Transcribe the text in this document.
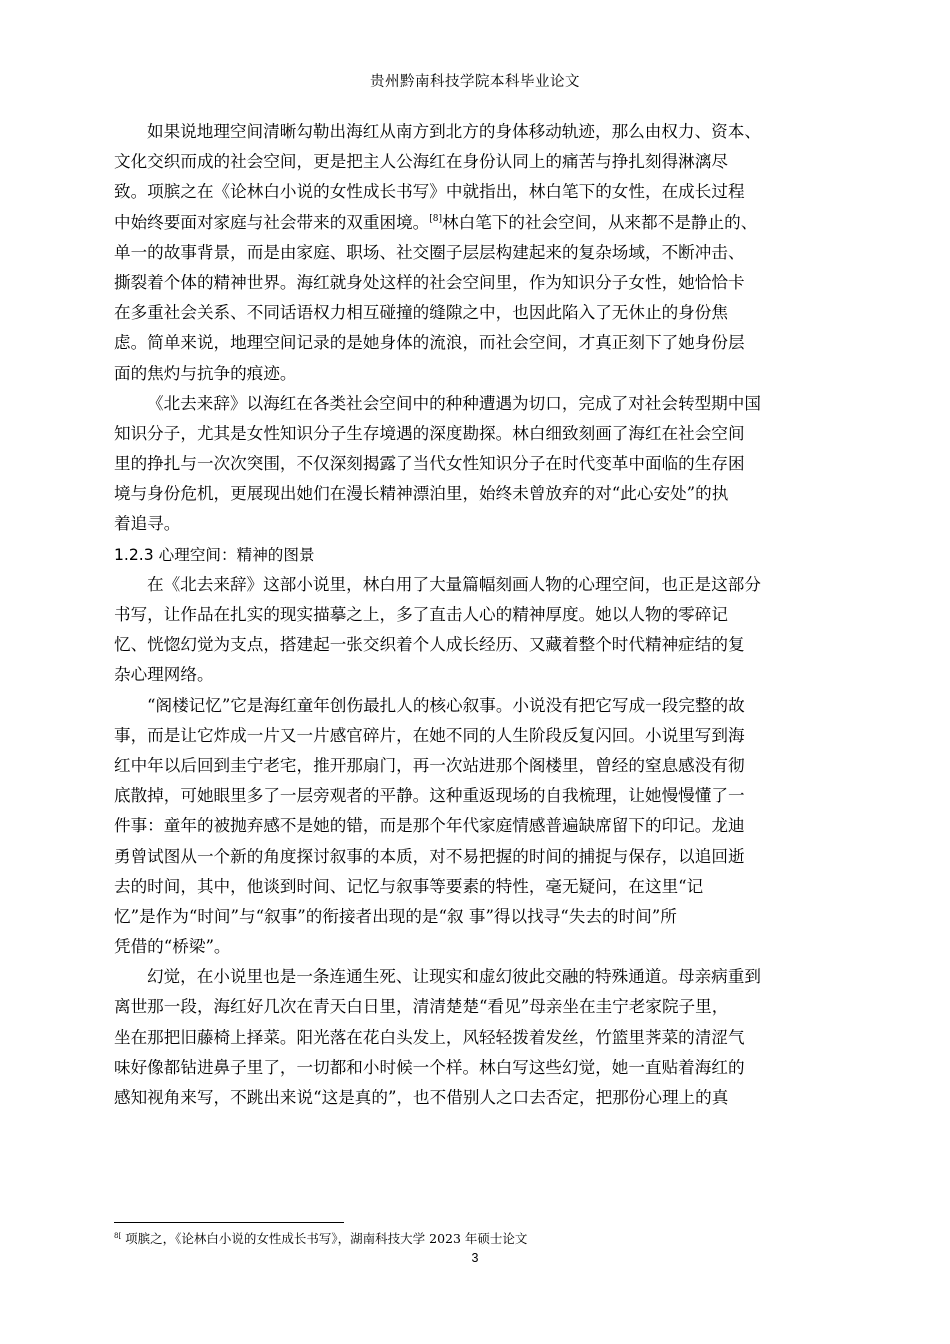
贵州黔南科技学院本科毕业论文
如果说地理空间清晰勾勒出海红从南方到北方的身体移动轨迹，那么由权力、资本、
文化交织而成的社会空间，更是把主人公海红在身份认同上的痛苦与挣扎刻得淋漓尽
致。项膑之在《论林白小说的女性成长书写》中就指出，林白笔下的女性，在成长过程
中始终要面对家庭与社会带来的双重困境。[8]林白笔下的社会空间，从来都不是静止的、
单一的故事背景，而是由家庭、职场、社交圈子层层构建起来的复杂场域，不断冲击、
撕裂着个体的精神世界。海红就身处这样的社会空间里，作为知识分子女性，她恰恰卡
在多重社会关系、不同话语权力相互碰撞的缝隙之中，也因此陷入了无休止的身份焦
虑。简单来说，地理空间记录的是她身体的流浪，而社会空间，才真正刻下了她身份层
面的焦灼与抗争的痕迹。
《北去来辞》以海红在各类社会空间中的种种遭遇为切口，完成了对社会转型期中国
知识分子，尤其是女性知识分子生存境遇的深度勘探。林白细致刻画了海红在社会空间
里的挣扎与一次次突围，不仅深刻揭露了当代女性知识分子在时代变革中面临的生存困
境与身份危机，更展现出她们在漫长精神漂泊里，始终未曾放弃的对“此心安处”的执
着追寻。
1.2.3 心理空间：精神的图景
在《北去来辞》这部小说里，林白用了大量篇幅刻画人物的心理空间，也正是这部分
书写，让作品在扎实的现实描摹之上，多了直击人心的精神厚度。她以人物的零碎记
忆、恍惚幻觉为支点，搭建起一张交织着个人成长经历、又藏着整个时代精神症结的复
杂心理网络。
“阁楼记忆”它是海红童年创伤最扎人的核心叙事。小说没有把它写成一段完整的故
事，而是让它炸成一片又一片感官碎片，在她不同的人生阶段反复闪回。小说里写到海
红中年以后回到圭宁老宅，推开那扇门，再一次站进那个阁楼里，曾经的窒息感没有彻
底散掉，可她眼里多了一层旁观者的平静。这种重返现场的自我梳理，让她慢慢懂了一
件事：童年的被抛弃感不是她的错，而是那个年代家庭情感普遍缺席留下的印记。龙迪
勇曾试图从一个新的角度探讨叙事的本质，对不易把握的时间的捕捉与保存，以追回逝
去的时间，其中，他谈到时间、记忆与叙事等要素的特性，毫无疑问，在这里“记
忆”是作为“时间”与“叙事”的衔接者出现的是“叙 事”得以找寻“失去的时间”所
凭借的“桥梁”。
幻觉，在小说里也是一条连通生死、让现实和虚幻彼此交融的特殊通道。母亲病重到
离世那一段，海红好几次在青天白日里，清清楚楚“看见”母亲坐在圭宁老家院子里，
坐在那把旧藤椅上择菜。阳光落在花白头发上，风轻轻拨着发丝，竹篮里荠菜的清涩气
味好像都钻进鼻子里了，一切都和小时候一个样。林白写这些幻觉，她一直贴着海红的
感知视角来写，不跳出来说“这是真的”，也不借别人之口去否定，把那份心理上的真
$^{8[}$ 项膑之，《论林白小说的女性成长书写》，湖南科技大学 2023 年硕士论文
3
